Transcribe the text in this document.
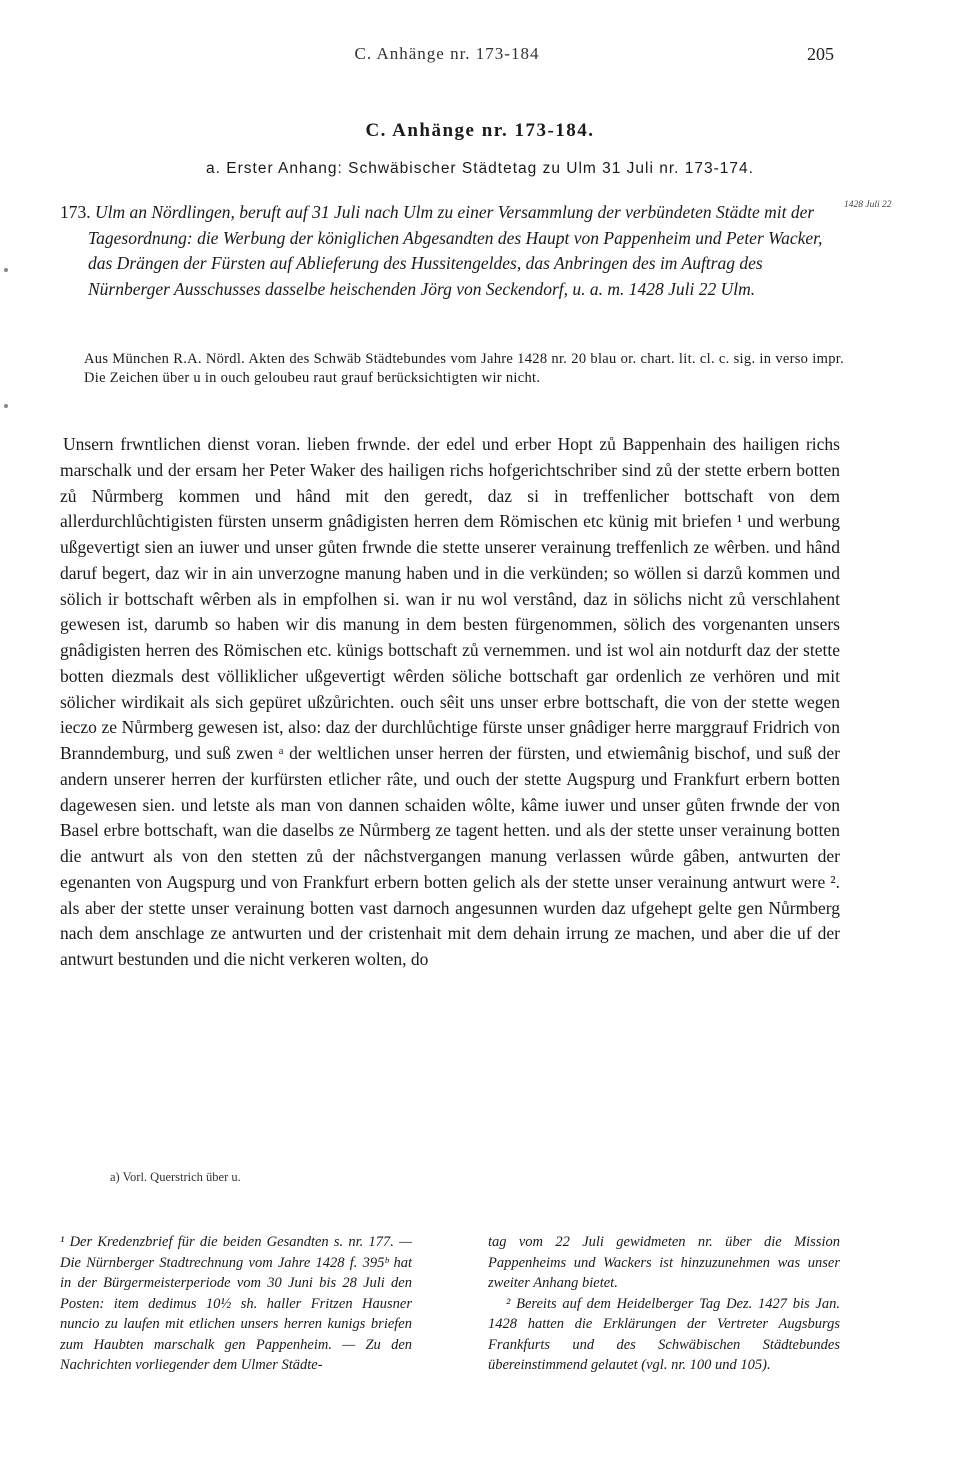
C. Anhänge nr. 173-184	205
C. Anhänge nr. 173-184.
a. Erster Anhang: Schwäbischer Städtetag zu Ulm 31 Juli nr. 173-174.
173. Ulm an Nördlingen, beruft auf 31 Juli nach Ulm zu einer Versammlung der verbündeten Städte mit der Tagesordnung: die Werbung der königlichen Abgesandten des Haupt von Pappenheim und Peter Wacker, das Drängen der Fürsten auf Ablieferung des Hussitengeldes, das Anbringen des im Auftrag des Nürnberger Ausschusses dasselbe heischenden Jörg von Seckendorf, u. a. m. 1428 Juli 22 Ulm.
1428 Juli 22
Aus München R.A. Nördl. Akten des Schwäb Städtebundes vom Jahre 1428 nr. 20 blau or. chart. lit. cl. c. sig. in verso impr. Die Zeichen über u in ouch geloubeu raut grauf berücksichtigten wir nicht.
Unsern frwntlichen dienst voran. lieben frwnde. der edel und erber Hopt zů Bappenhain des hailigen richs marschalk und der ersam her Peter Waker des hailigen richs hofgerichtschriber sind zů der stette erbern botten zů Nůrmberg kommen und hând mit den geredt, daz si in treffenlicher bottschaft von dem allerdurchlůchtigisten fürsten unserm gnâdigisten herren dem Römischen etc künig mit briefen ¹ und werbung ußgevertigt sien an iuwer und unser gůten frwnde die stette unserer verainung treffenlich ze wêrben. und hând daruf begert, daz wir in ain unverzogne manung haben und in die verkünden; so wöllen si darzů kommen und sölich ir bottschaft wêrben als in empfolhen si. wan ir nu wol verstând, daz in sölichs nicht zů verschlahent gewesen ist, darumb so haben wir dis manung in dem besten fürgenommen, sölich des vorgenanten unsers gnâdigisten herren des Römischen etc. künigs bottschaft zů vernemmen. und ist wol ain notdurft daz der stette botten diezmals dest völliklicher ußgevertigt wêrden söliche bottschaft gar ordenlich ze verhören und mit sölicher wirdikait als sich gepüret ußzůrichten. ouch sêit uns unser erbre bottschaft, die von der stette wegen ieczo ze Nůrmberg gewesen ist, also: daz der durchlůchtige fürste unser gnâdiger herre marggrauf Fridrich von Branndemburg, und suß zwen ᵃ der weltlichen unser herren der fürsten, und etwiemânig bischof, und suß der andern unserer herren der kurfürsten etlicher râte, und ouch der stette Augspurg und Frankfurt erbern botten dagewesen sien. und letste als man von dannen schaiden wôlte, kâme iuwer und unser gůten frwnde der von Basel erbre bottschaft, wan die daselbs ze Nůrmberg ze tagent hetten. und als der stette unser verainung botten die antwurt als von den stetten zů der nâchstvergangen manung verlassen wůrde gâben, antwurten der egenanten von Augspurg und von Frankfurt erbern botten gelich als der stette unser verainung antwurt were ². als aber der stette unser verainung botten vast darnoch angesunnen wurden daz ufgehept gelte gen Nůrmberg nach dem anschlage ze antwurten und der cristenhait mit dem dehain irrung ze machen, und aber die uf der antwurt bestunden und die nicht verkeren wolten, do
a) Vorl. Querstrich über u.
¹ Der Kredenzbrief für die beiden Gesandten s. nr. 177. — Die Nürnberger Stadtrechnung vom Jahre 1428 f. 395ᵇ hat in der Bürgermeisterperiode vom 30 Juni bis 28 Juli den Posten: item dedimus 10½ sh. haller Fritzen Hausner nuncio zu laufen mit etlichen unsers herren kunigs briefen zum Haubten marschalk gen Pappenheim. — Zu den Nachrichten vorliegender dem Ulmer Städte-

tag vom 22 Juli gewidmeten nr. über die Mission Pappenheims und Wackers ist hinzuzunehmen was unser zweiter Anhang bietet.

² Bereits auf dem Heidelberger Tag Dez. 1427 bis Jan. 1428 hatten die Erklärungen der Vertreter Augsburgs Frankfurts und des Schwäbischen Städtebundes übereinstimmend gelautet (vgl. nr. 100 und 105).
